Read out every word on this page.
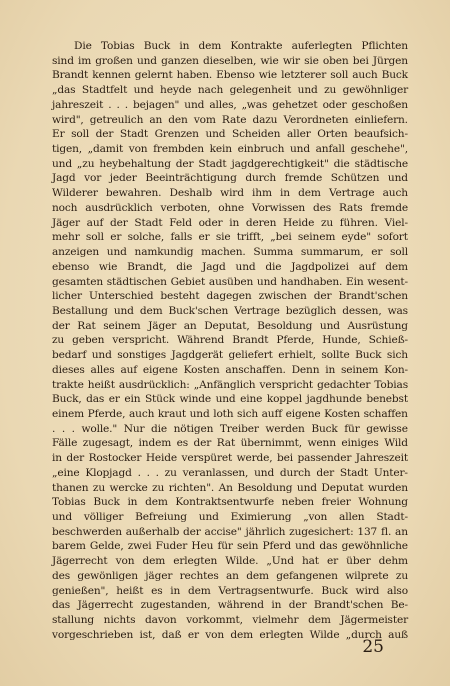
Die Tobias Buck in dem Kontrakte auferlegten Pflichten
sind im großen und ganzen dieselben, wie wir sie oben bei Jürgen
Brandt kennen gelernt haben. Ebenso wie letzterer soll auch Buck
„das Stadtfelt und heyde nach gelegenheit und zu gewöhnliger
jahreszeit . . . bejagen" und alles, „was gehetzet oder geschoßen
wird", getreulich an den vom Rate dazu Verordneten einliefern.
Er soll der Stadt Grenzen und Scheiden aller Orten beaufsich-
tigen, „damit von frembden kein einbruch und anfall geschehe",
und „zu heybehaltung der Stadt jagdgerechtigkeit" die städtische
Jagd vor jeder Beeinträchtigung durch fremde Schützen und
Wilderer bewahren. Deshalb wird ihm in dem Vertrage auch
noch ausdrücklich verboten, ohne Vorwissen des Rats fremde
Jäger auf der Stadt Feld oder in deren Heide zu führen. Viel-
mehr soll er solche, falls er sie trifft, „bei seinem eyde" sofort
anzeigen und namkundig machen. Summa summarum, er soll
ebenso wie Brandt, die Jagd und die Jagdpolizei auf dem
gesamten städtischen Gebiet ausüben und handhaben. Ein wesent-
licher Unterschied besteht dagegen zwischen der Brandt'schen
Bestallung und dem Buck'schen Vertrage bezüglich dessen, was
der Rat seinem Jäger an Deputat, Besoldung und Ausrüstung
zu geben verspricht. Während Brandt Pferde, Hunde, Schieß-
bedarf und sonstiges Jagdgerät geliefert erhielt, sollte Buck sich
dieses alles auf eigene Kosten anschaffen. Denn in seinem Kon-
trakte heißt ausdrücklich: „Anfänglich verspricht gedachter Tobias
Buck, das er ein Stück winde und eine koppel jagdhunde benebst
einem Pferde, auch kraut und loth sich auff eigene Kosten schaffen
. . . wolle." Nur die nötigen Treiber werden Buck für gewisse
Fälle zugesagt, indem es der Rat übernimmt, wenn einiges Wild
in der Rostocker Heide verspüret werde, bei passender Jahreszeit
„eine Klopjagd . . . zu veranlassen, und durch der Stadt Unter-
thanen zu wercke zu richten". An Besoldung und Deputat wurden
Tobias Buck in dem Kontraktsentwurfe neben freier Wohnung
und völliger Befreiung und Eximierung „von allen Stadt-
beschwerden außerhalb der accise" jährlich zugesichert: 137 fl. an
barem Gelde, zwei Fuder Heu für sein Pferd und das gewöhnliche
Jägerrecht von dem erlegten Wilde. „Und hat er über dehm
des gewönligen jäger rechtes an dem gefangenen wilprete zu
genießen", heißt es in dem Vertragsentwurfe. Buck wird also
das Jägerrecht zugestanden, während in der Brandt'schen Be-
stallung nichts davon vorkommt, vielmehr dem Jägermeister
vorgeschrieben ist, daß er von dem erlegten Wilde „durch auß
25
